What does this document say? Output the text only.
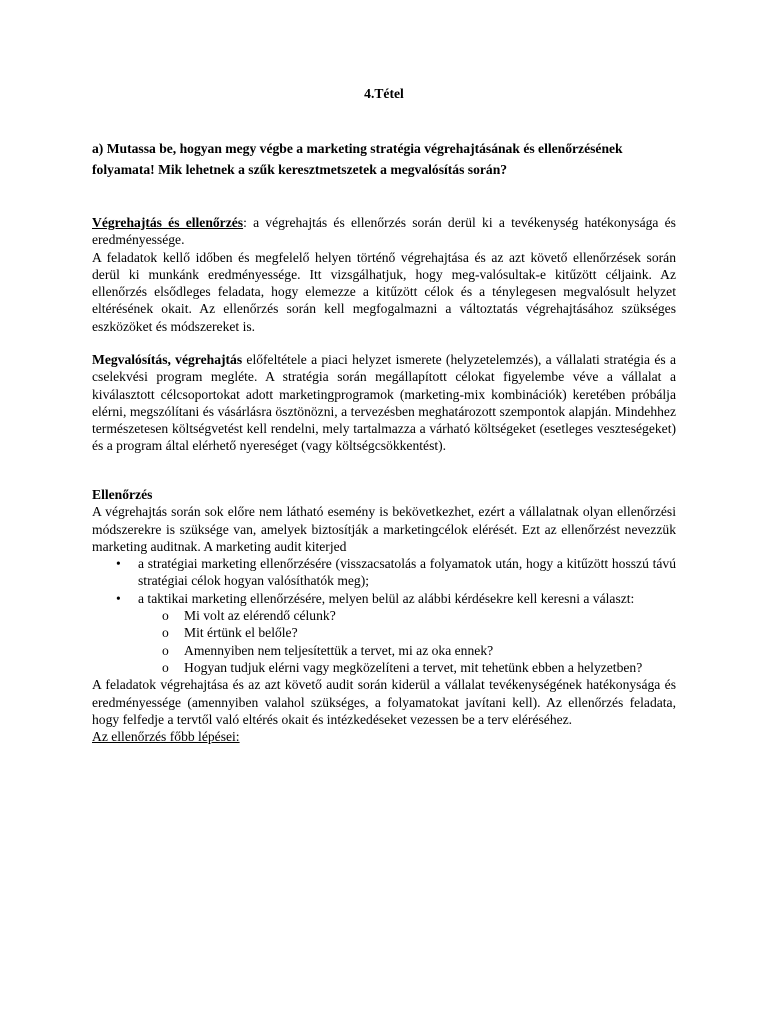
4.Tétel
a) Mutassa be, hogyan megy végbe a marketing stratégia végrehajtásának és ellenőrzésének folyamata! Mik lehetnek a szűk keresztmetszetek a megvalósítás során?

Végrehajtás és ellenőrzés: a végrehajtás és ellenőrzés során derül ki a tevékenység hatékonysága és eredményessége.

A feladatok kellő időben és megfelelő helyen történő végrehajtása és az azt követő ellenőrzések során derül ki munkánk eredményessége. Itt vizsgálhatjuk, hogy meg-valósultak-e kitűzött céljaink. Az ellenőrzés elsődleges feladata, hogy elemezze a kitűzött célok és a ténylegesen megvalósult helyzet eltérésének okait. Az ellenőrzés során kell megfogalmazni a változtatás végrehajtásához szükséges eszközöket és módszereket is.

Megvalósítás, végrehajtás előfeltétele a piaci helyzet ismerete (helyzetelemzés), a vállalati stratégia és a cselekvési program megléte. A stratégia során megállapított célokat figyelembe véve a vállalat a kiválasztott célcsoportokat adott marketingprogramok (marketing-mix kombinációk) keretében próbálja elérni, megszólítani és vásárlásra ösztönözni, a tervezésben meghatározott szempontok alapján. Mindehhez természetesen költségvetést kell rendelni, mely tartalmazza a várható költségeket (esetleges veszteségeket) és a program által elérhető nyereséget (vagy költségcsökkentést).

Ellenőrzés

A végrehajtás során sok előre nem látható esemény is bekövetkezhet, ezért a vállalatnak olyan ellenőrzési módszerekre is szüksége van, amelyek biztosítják a marketingcélok elérését. Ezt az ellenőrzést nevezzük marketing auditnak. A marketing audit kiterjed

• a stratégiai marketing ellenőrzésére (visszacsatolás a folyamatok után, hogy a kitűzött hosszú távú stratégiai célok hogyan valósíthatók meg);
• a taktikai marketing ellenőrzésére, melyen belül az alábbi kérdésekre kell keresni a választ:
o Mi volt az elérendő célunk?
o Mit értünk el belőle?
o Amennyiben nem teljesítettük a tervet, mi az oka ennek?
o Hogyan tudjuk elérni vagy megközelíteni a tervet, mit tehetünk ebben a helyzetben?

A feladatok végrehajtása és az azt követő audit során kiderül a vállalat tevékenységének hatékonysága és eredményessége (amennyiben valahol szükséges, a folyamatokat javítani kell). Az ellenőrzés feladata, hogy felfedje a tervtől való eltérés okait és intézkedéseket vezessen be a terv eléréséhez.

Az ellenőrzés főbb lépései:
